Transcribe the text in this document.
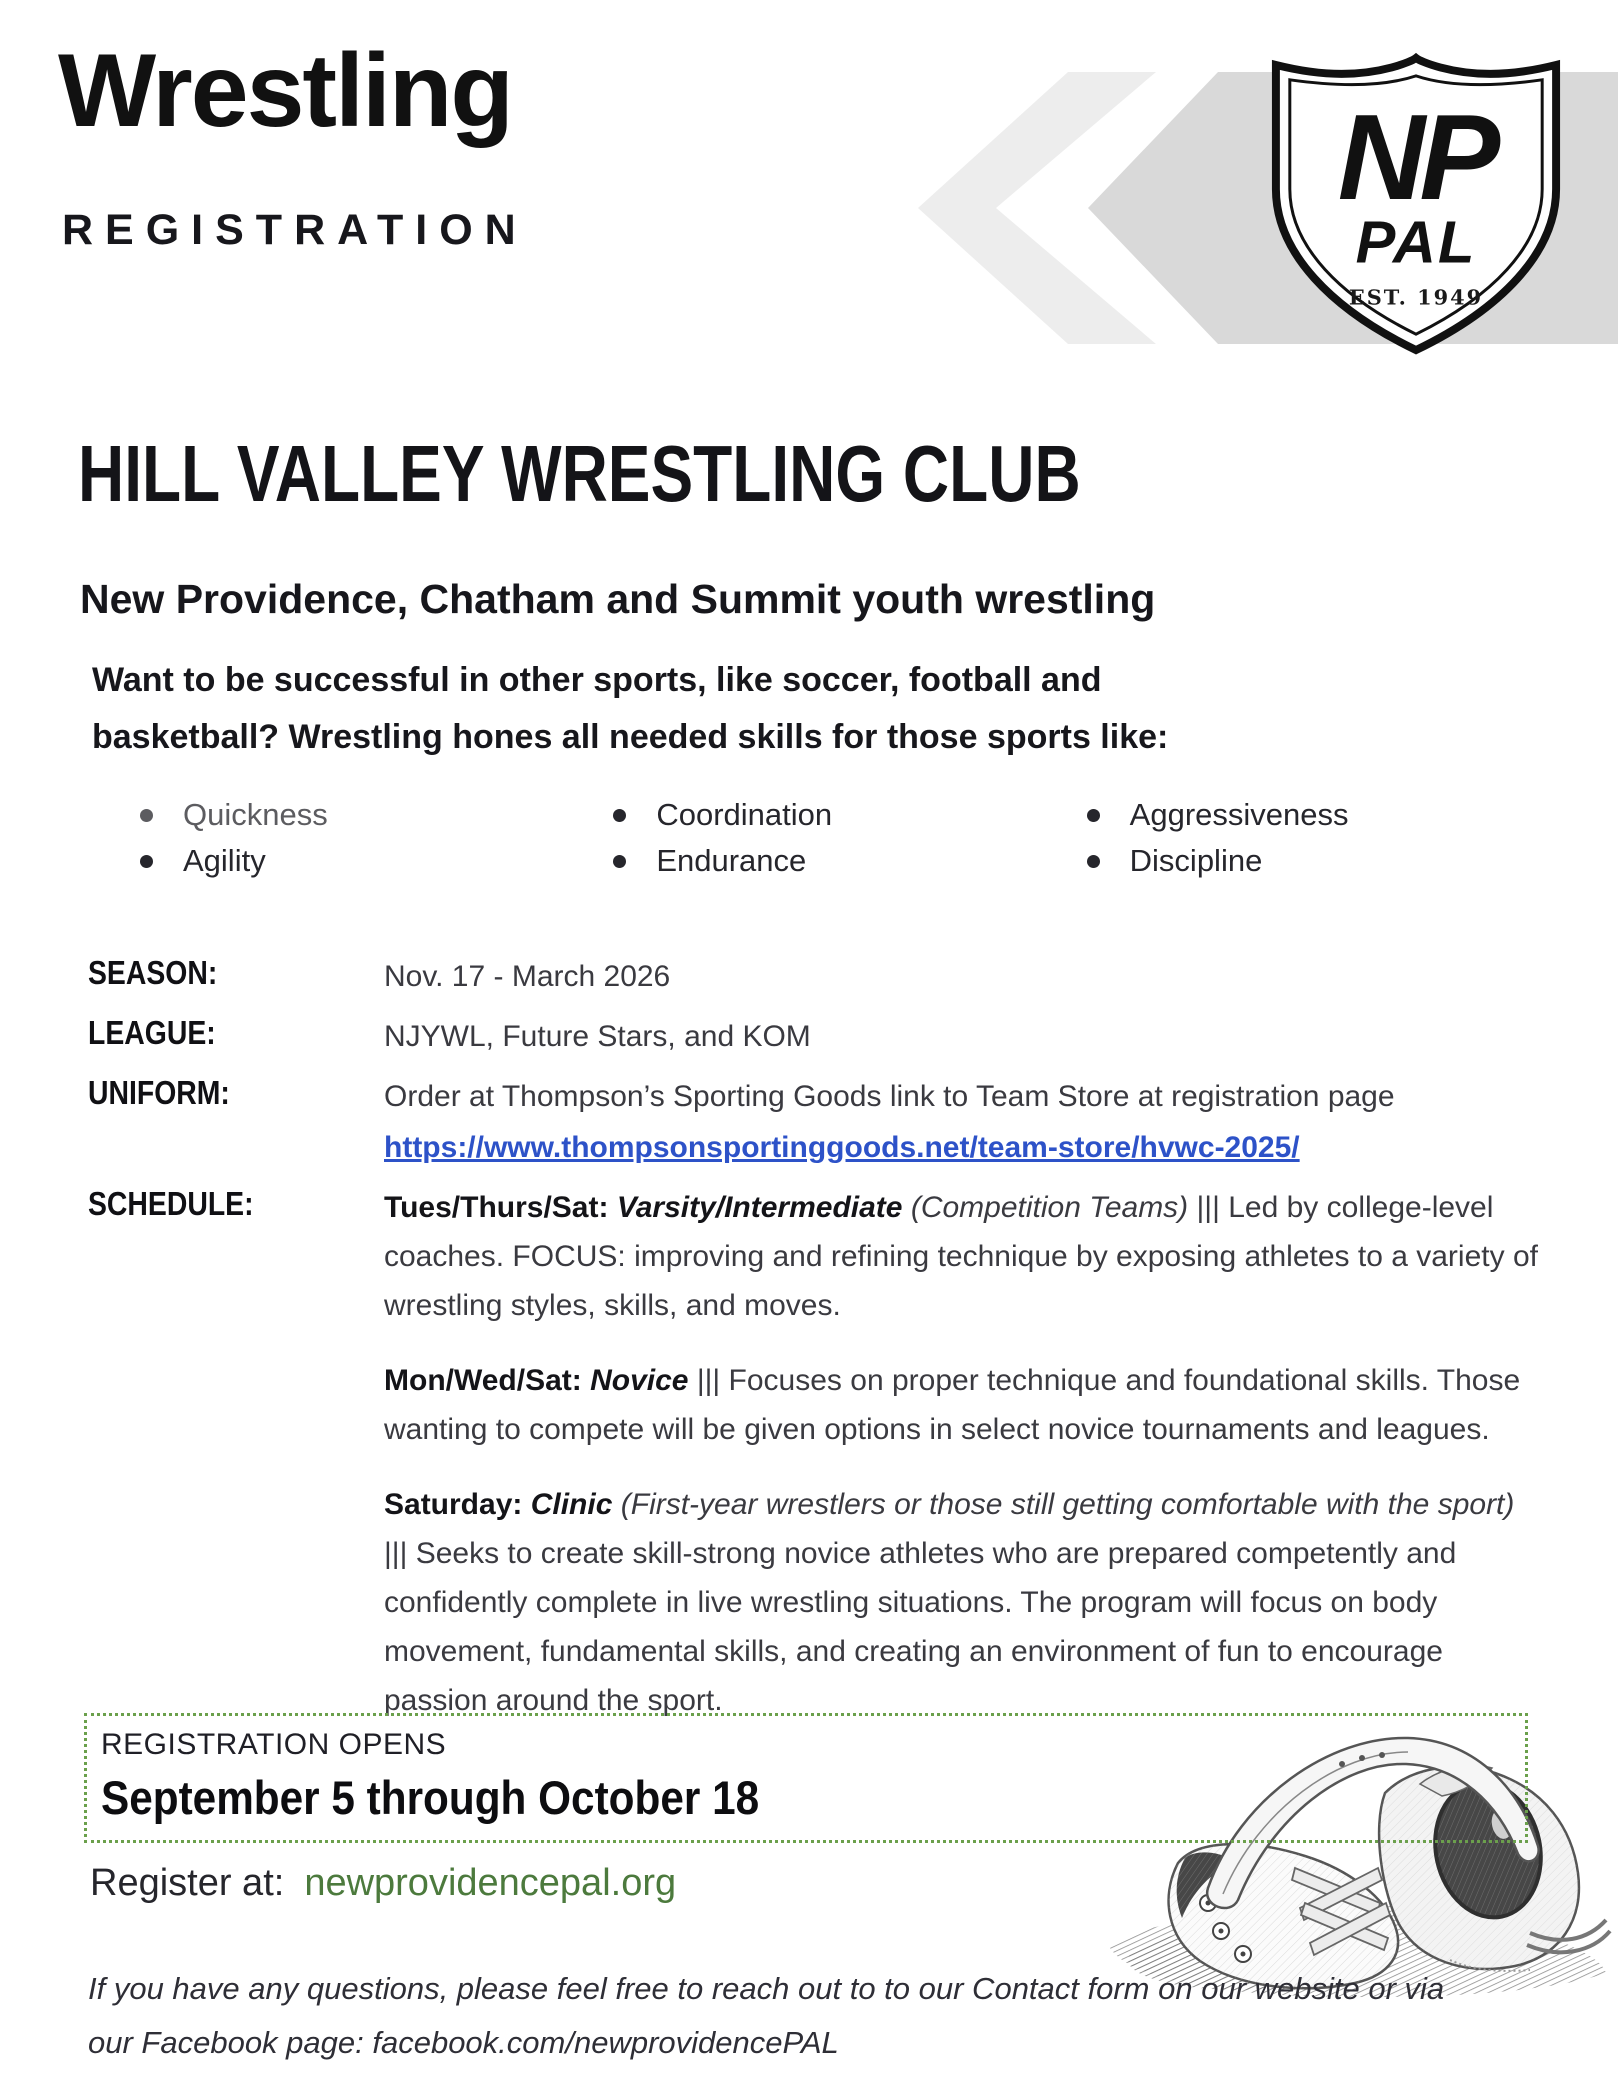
NP
PAL
EST. 1949
Wrestling
REGISTRATION
HILL VALLEY WRESTLING CLUB
New Providence, Chatham and Summit youth wrestling
Want to be successful in other sports, like soccer, football and basketball? Wrestling hones all needed skills for those sports like:
Quickness
Agility
Coordination
Endurance
Aggressiveness
Discipline
SEASON:	Nov. 17 - March 2026
LEAGUE:	NJYWL, Future Stars, and KOM
UNIFORM:	Order at Thompson’s Sporting Goods link to Team Store at registration page
https://www.thompsonsportinggoods.net/team-store/hvwc-2025/
SCHEDULE:	Tues/Thurs/Sat: Varsity/Intermediate (Competition Teams) ||| Led by college-level coaches. FOCUS: improving and refining technique by exposing athletes to a variety of wrestling styles, skills, and moves.

Mon/Wed/Sat: Novice ||| Focuses on proper technique and foundational skills. Those wanting to compete will be given options in select novice tournaments and leagues.

Saturday: Clinic (First-year wrestlers or those still getting comfortable with the sport) ||| Seeks to create skill-strong novice athletes who are prepared competently and confidently complete in live wrestling situations. The program will focus on body movement, fundamental skills, and creating an environment of fun to encourage passion around the sport.

REGISTRATION OPENS
September 5 through October 18
Register at: newprovidencepal.org
If you have any questions, please feel free to reach out to to our Contact form on our website or via
our Facebook page: facebook.com/newprovidencePAL
